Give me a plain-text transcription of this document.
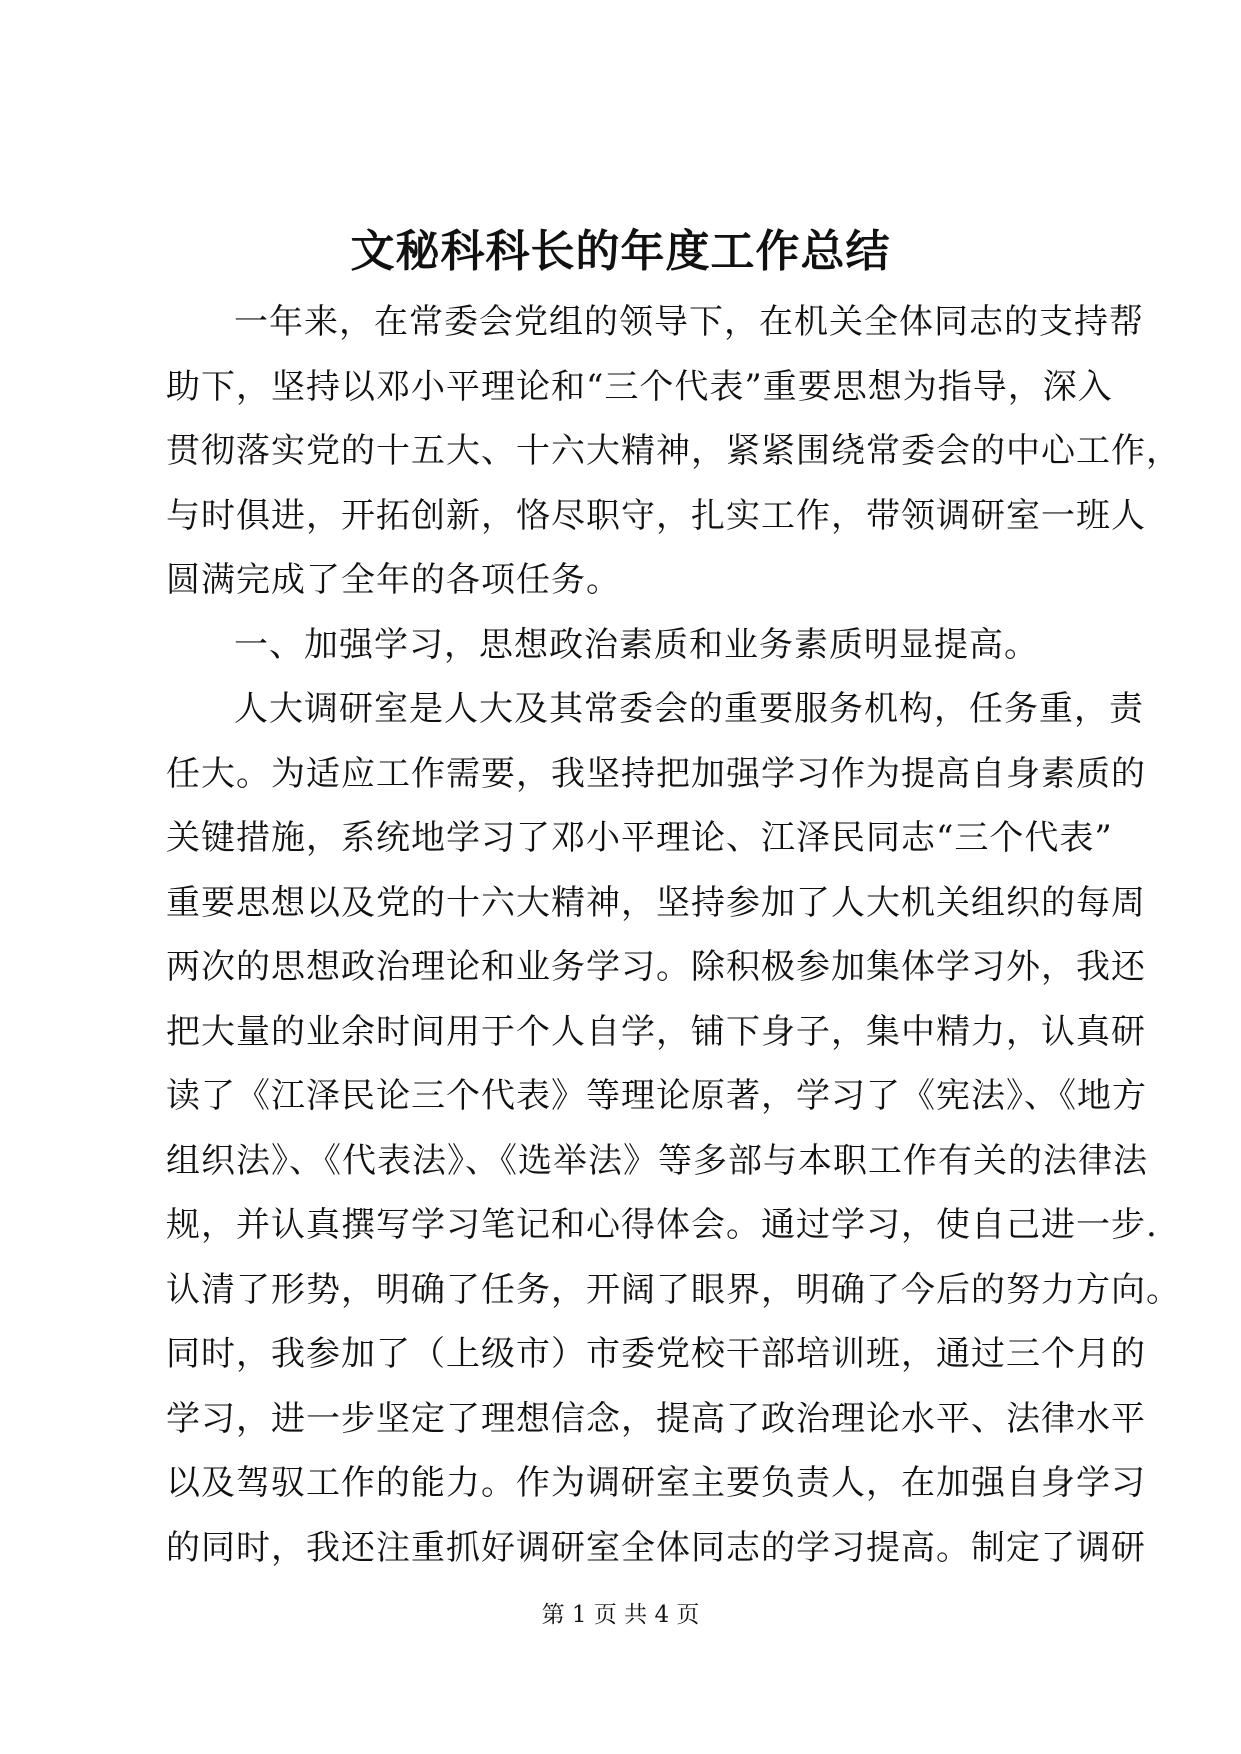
文秘科科长的年度工作总结
一年来，在常委会党组的领导下，在机关全体同志的支持帮
助下，坚持以邓小平理论和“三个代表”重要思想为指导，深入
贯彻落实党的十五大、十六大精神，紧紧围绕常委会的中心工作，
与时俱进，开拓创新，恪尽职守，扎实工作，带领调研室一班人
圆满完成了全年的各项任务。
一、加强学习，思想政治素质和业务素质明显提高。
人大调研室是人大及其常委会的重要服务机构，任务重，责
任大。为适应工作需要，我坚持把加强学习作为提高自身素质的
关键措施，系统地学习了邓小平理论、江泽民同志“三个代表”
重要思想以及党的十六大精神，坚持参加了人大机关组织的每周
两次的思想政治理论和业务学习。除积极参加集体学习外，我还
把大量的业余时间用于个人自学，铺下身子，集中精力，认真研
读了《江泽民论三个代表》等理论原著，学习了《宪法》、《地方
组织法》、《代表法》、《选举法》等多部与本职工作有关的法律法
规，并认真撰写学习笔记和心得体会。通过学习，使自己进一步.
认清了形势，明确了任务，开阔了眼界，明确了今后的努力方向。
同时，我参加了（上级市）市委党校干部培训班，通过三个月的
学习，进一步坚定了理想信念，提高了政治理论水平、法律水平
以及驾驭工作的能力。作为调研室主要负责人，在加强自身学习
的同时，我还注重抓好调研室全体同志的学习提高。制定了调研
第 1 页 共 4 页
